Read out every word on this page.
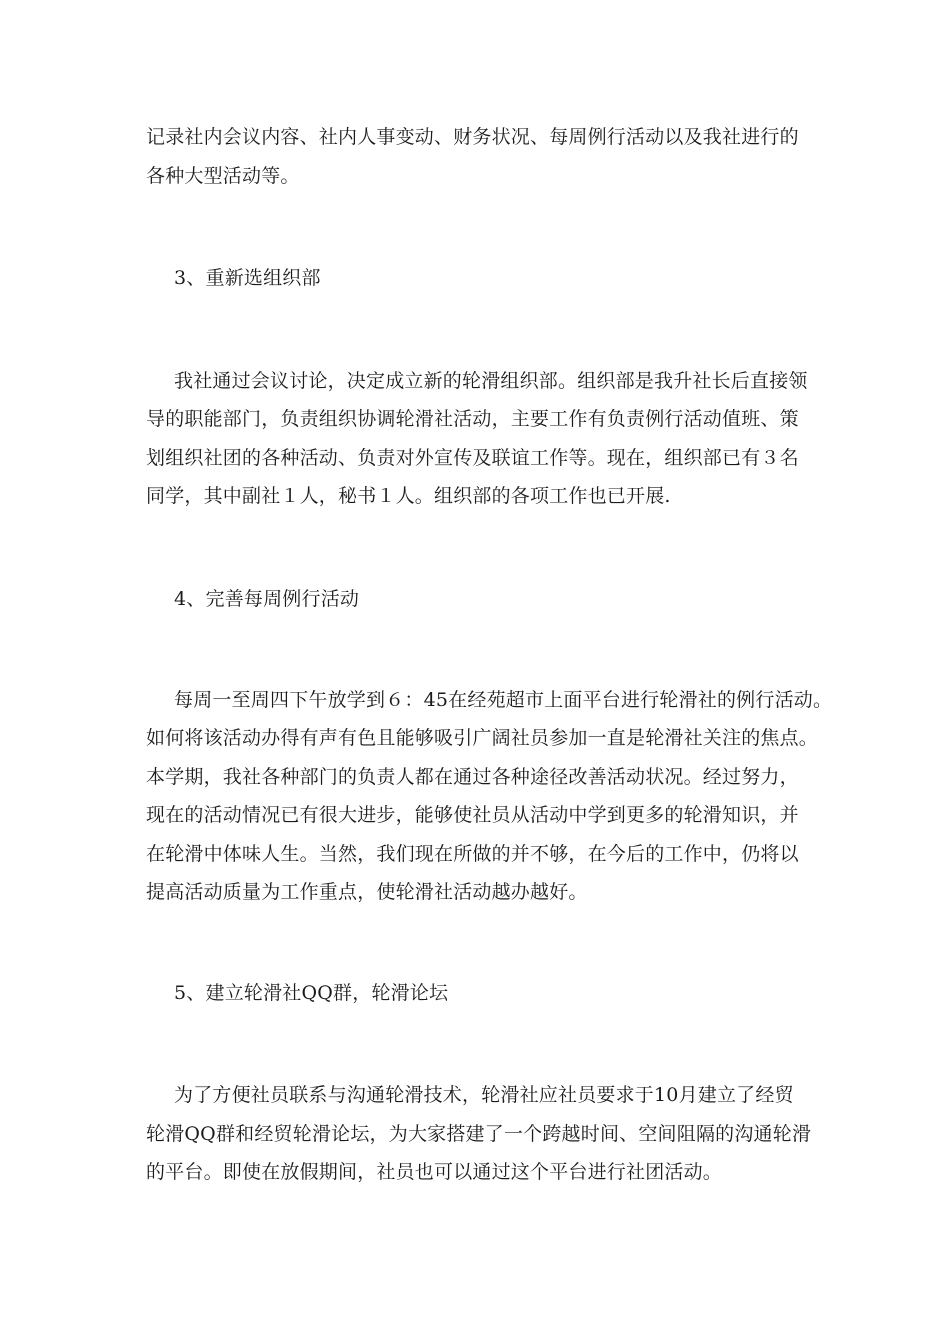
记录社内会议内容、社内人事变动、财务状况、每周例行活动以及我社进行的
各种大型活动等。
3、重新选组织部
我社通过会议讨论，决定成立新的轮滑组织部。组织部是我升社长后直接领
导的职能部门，负责组织协调轮滑社活动，主要工作有负责例行活动值班、策
划组织社团的各种活动、负责对外宣传及联谊工作等。现在，组织部已有３名
同学，其中副社１人，秘书１人。组织部的各项工作也已开展.
4、完善每周例行活动
每周一至周四下午放学到６：45在经苑超市上面平台进行轮滑社的例行活动。
如何将该活动办得有声有色且能够吸引广阔社员参加一直是轮滑社关注的焦点。
本学期，我社各种部门的负责人都在通过各种途径改善活动状况。经过努力，
现在的活动情况已有很大进步，能够使社员从活动中学到更多的轮滑知识，并
在轮滑中体味人生。当然，我们现在所做的并不够，在今后的工作中，仍将以
提高活动质量为工作重点，使轮滑社活动越办越好。
5、建立轮滑社QQ群，轮滑论坛
为了方便社员联系与沟通轮滑技术，轮滑社应社员要求于10月建立了经贸
轮滑QQ群和经贸轮滑论坛，为大家搭建了一个跨越时间、空间阻隔的沟通轮滑
的平台。即使在放假期间，社员也可以通过这个平台进行社团活动。
